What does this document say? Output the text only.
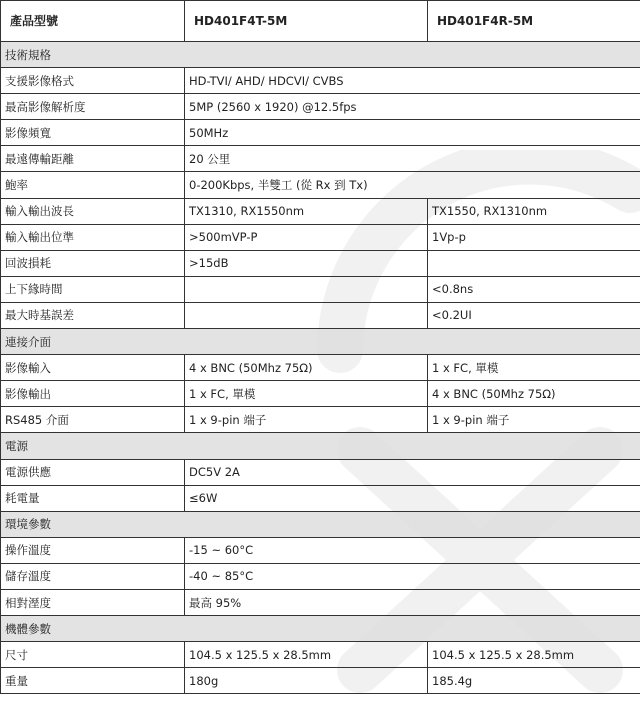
產品型號	HD401F4T-5M	HD401F4R-5M
技術規格		
支援影像格式	HD-TVI/ AHD/ HDCVI/ CVBS	
最高影像解析度	5MP (2560 x 1920) @12.5fps	
影像頻寬	50MHz	
最遠傳輸距離	20 公里	
鮑率	0-200Kbps, 半雙工 (從 Rx 到 Tx)	
輸入輸出波長	TX1310, RX1550nm	TX1550, RX1310nm
輸入輸出位準	>500mVP-P	1Vp-p
回波損耗	>15dB	
上下緣時間		<0.8ns
最大時基誤差		<0.2UI
連接介面		
影像輸入	4 x BNC (50Mhz 75Ω)	1 x FC, 單模
影像輸出	1 x FC, 單模	4 x BNC (50Mhz 75Ω)
RS485 介面	1 x 9-pin 端子	1 x 9-pin 端子
電源		
電源供應	DC5V 2A	
耗電量	≤6W	
環境參數		
操作溫度	-15 ~ 60°C	
儲存溫度	-40 ~ 85°C	
相對溼度	最高 95%	
機體參數		
尺寸	104.5 x 125.5 x 28.5mm	104.5 x 125.5 x 28.5mm
重量	180g	185.4g
